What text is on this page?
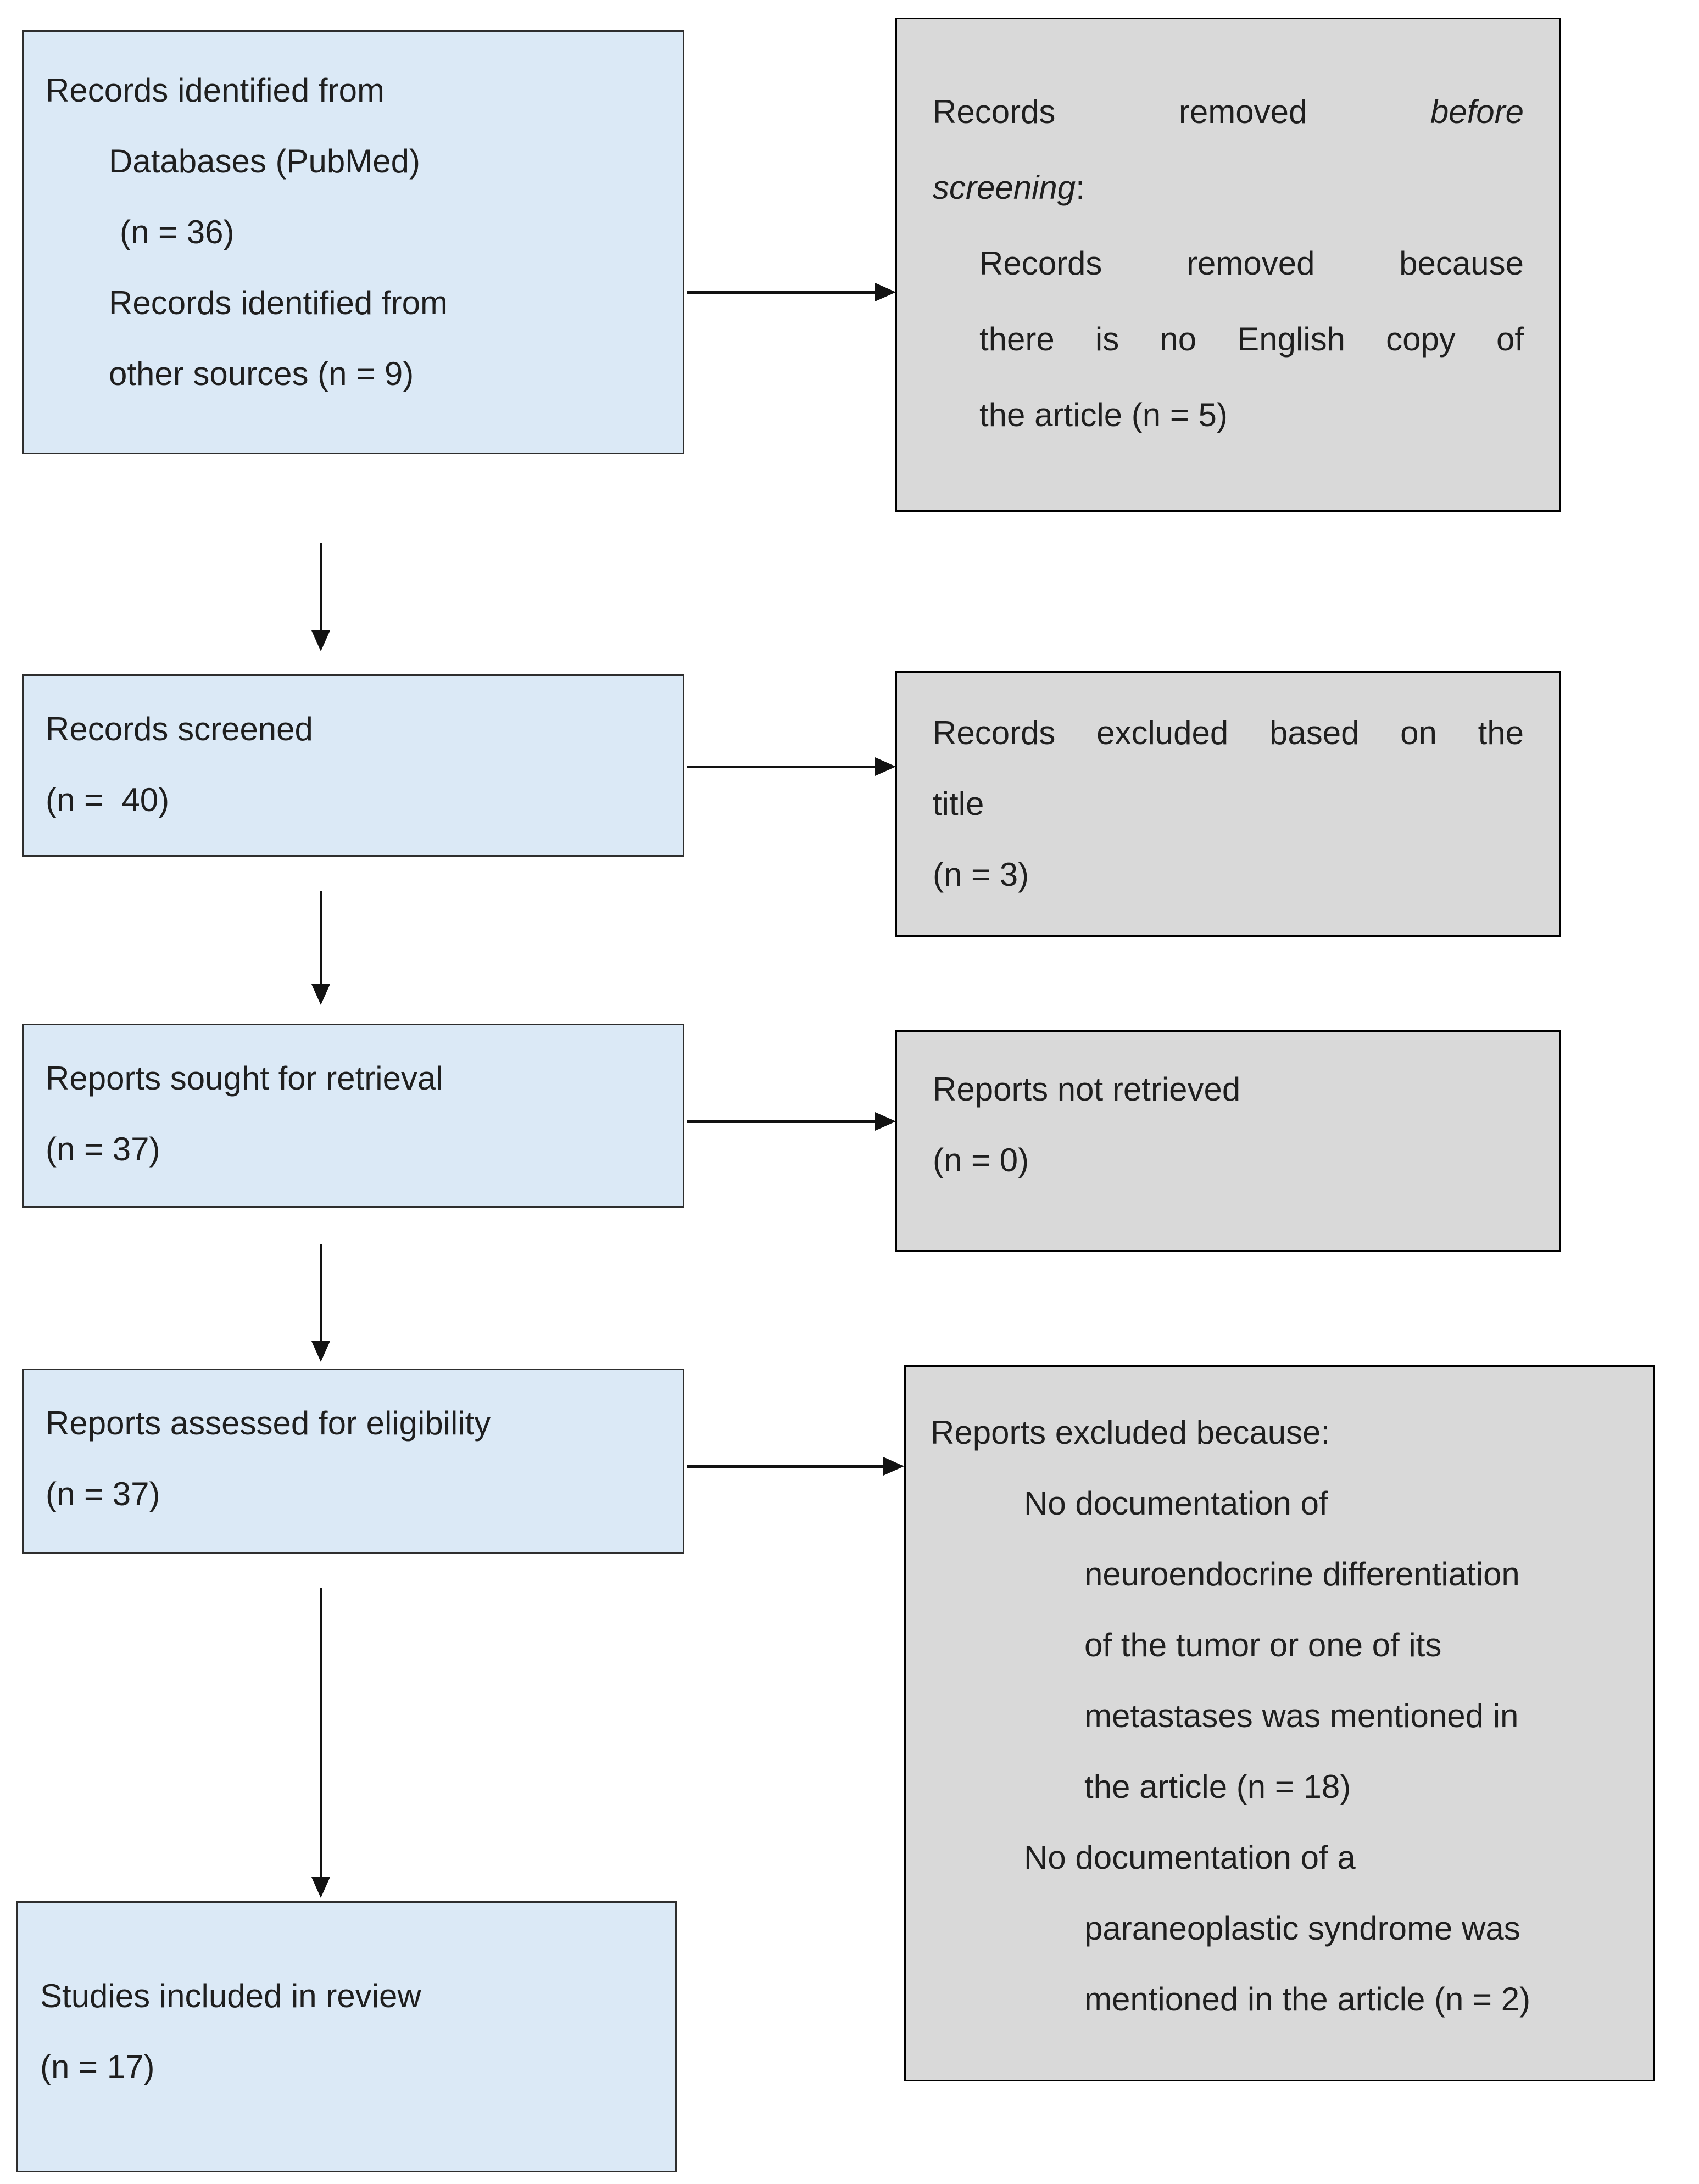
Records identified from
Databases (PubMed)
(n = 36)
Records identified from
other sources (n = 9)
Records removed	before
screening:
Records removed because
there is no English copy of
the article (n = 5)
Records screened
(n =  40)
Records excluded based on the
title
(n = 3)
Reports sought for retrieval
(n = 37)
Reports not retrieved
(n = 0)
Reports assessed for eligibility
(n = 37)
Reports excluded because:
No documentation of
neuroendocrine differentiation
of the tumor or one of its
metastases was mentioned in
the article (n = 18)
No documentation of a
paraneoplastic syndrome was
mentioned in the article (n = 2)
Studies included in review
(n = 17)
